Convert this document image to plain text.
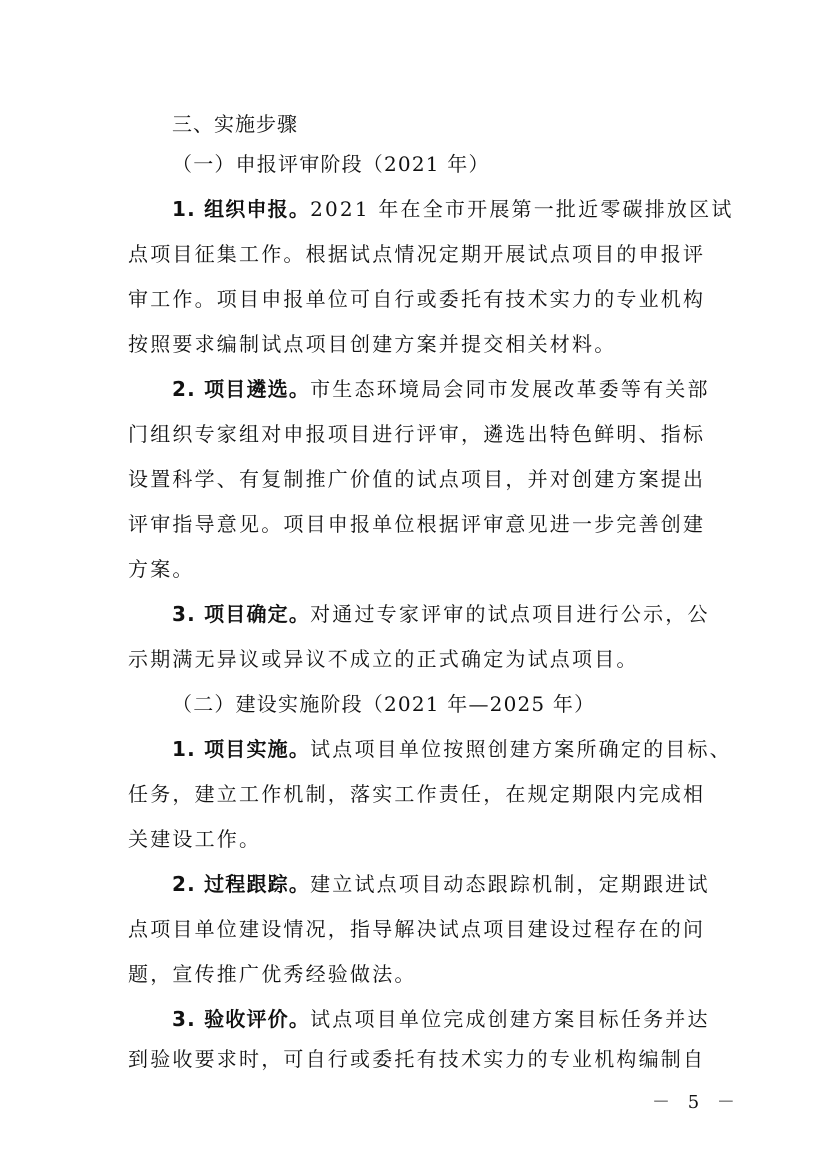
三、实施步骤
（一）申报评审阶段（2021 年）
1. 组织申报。2021 年在全市开展第一批近零碳排放区试
点项目征集工作。根据试点情况定期开展试点项目的申报评
审工作。项目申报单位可自行或委托有技术实力的专业机构
按照要求编制试点项目创建方案并提交相关材料。
2. 项目遴选。市生态环境局会同市发展改革委等有关部
门组织专家组对申报项目进行评审，遴选出特色鲜明、指标
设置科学、有复制推广价值的试点项目，并对创建方案提出
评审指导意见。项目申报单位根据评审意见进一步完善创建
方案。
3. 项目确定。对通过专家评审的试点项目进行公示，公
示期满无异议或异议不成立的正式确定为试点项目。
（二）建设实施阶段（2021 年—2025 年）
1. 项目实施。试点项目单位按照创建方案所确定的目标、
任务，建立工作机制，落实工作责任，在规定期限内完成相
关建设工作。
2. 过程跟踪。建立试点项目动态跟踪机制，定期跟进试
点项目单位建设情况，指导解决试点项目建设过程存在的问
题，宣传推广优秀经验做法。
3. 验收评价。试点项目单位完成创建方案目标任务并达
到验收要求时，可自行或委托有技术实力的专业机构编制自
－ 5 －
